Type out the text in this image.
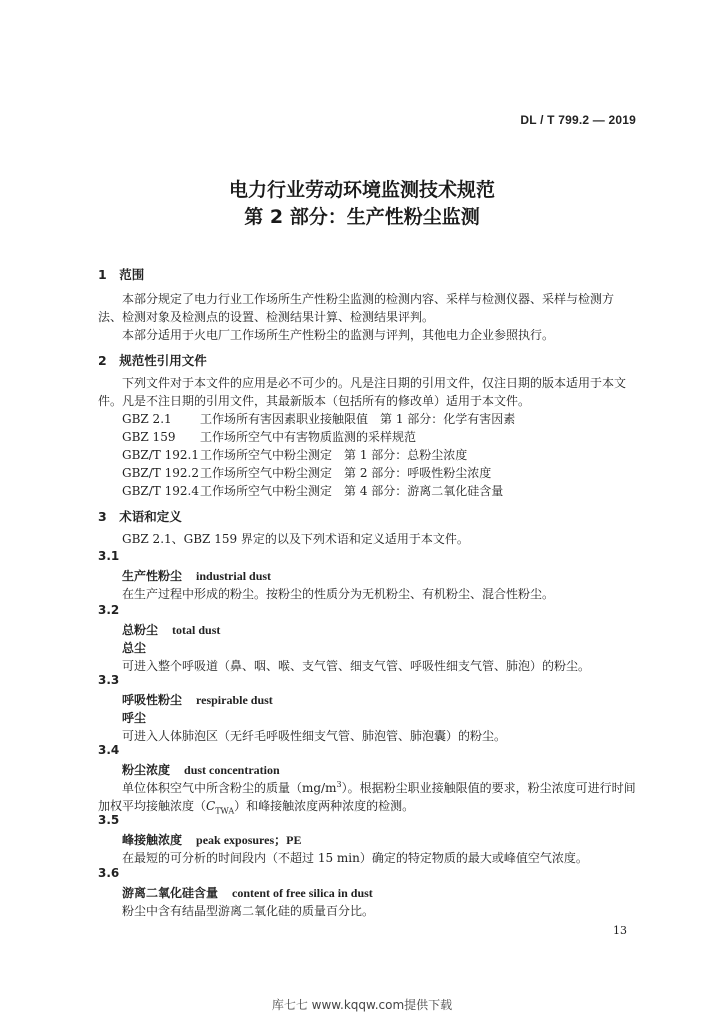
DL / T 799.2 — 2019
电力行业劳动环境监测技术规范
第 2 部分：生产性粉尘监测
1　范围
本部分规定了电力行业工作场所生产性粉尘监测的检测内容、采样与检测仪器、采样与检测方
法、检测对象及检测点的设置、检测结果计算、检测结果评判。
本部分适用于火电厂工作场所生产性粉尘的监测与评判，其他电力企业参照执行。
2　规范性引用文件
下列文件对于本文件的应用是必不可少的。凡是注日期的引用文件，仅注日期的版本适用于本文
件。凡是不注日期的引用文件，其最新版本（包括所有的修改单）适用于本文件。
GBZ 2.1 工作场所有害因素职业接触限值　第 1 部分：化学有害因素
GBZ 159 工作场所空气中有害物质监测的采样规范
GBZ/T 192.1工作场所空气中粉尘测定　第 1 部分：总粉尘浓度
GBZ/T 192.2工作场所空气中粉尘测定　第 2 部分：呼吸性粉尘浓度
GBZ/T 192.4工作场所空气中粉尘测定　第 4 部分：游离二氧化硅含量
3　术语和定义
GBZ 2.1、GBZ 159 界定的以及下列术语和定义适用于本文件。
3.1
生产性粉尘 industrial dust
在生产过程中形成的粉尘。按粉尘的性质分为无机粉尘、有机粉尘、混合性粉尘。
3.2
总粉尘 total dust
总尘
可进入整个呼吸道（鼻、咽、喉、支气管、细支气管、呼吸性细支气管、肺泡）的粉尘。
3.3
呼吸性粉尘 respirable dust
呼尘
可进入人体肺泡区（无纤毛呼吸性细支气管、肺泡管、肺泡囊）的粉尘。
3.4
粉尘浓度 dust concentration
单位体积空气中所含粉尘的质量$(mg/m^3)$。根据粉尘职业接触限值的要求，粉尘浓度可进行时间
加权平均接触浓度$(C_{TWA})$和峰接触浓度两种浓度的检测。
3.5
峰接触浓度 peak exposures；PE
在最短的可分析的时间段内（不超过 15 min）确定的特定物质的最大或峰值空气浓度。
3.6
游离二氧化硅含量 content of free silica in dust
粉尘中含有结晶型游离二氧化硅的质量百分比。
13
库七七 www.kqqw.com提供下载
